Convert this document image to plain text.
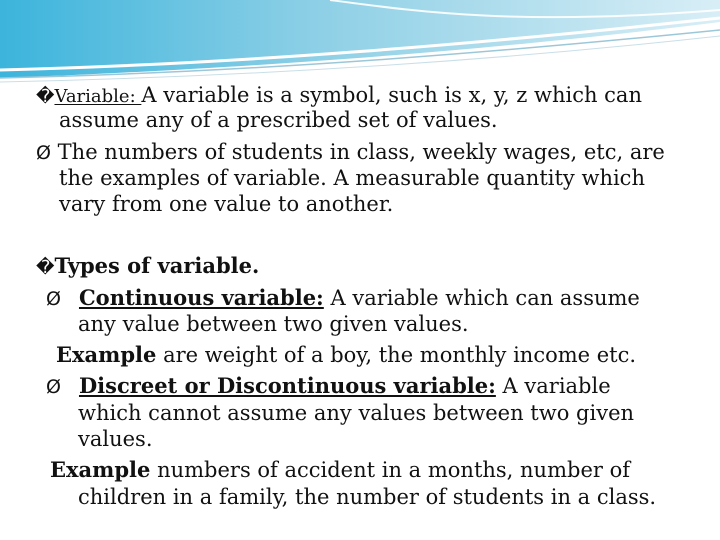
�Variable: A variable is a symbol, such is x, y, z which can
assume any of a prescribed set of values.
Ø The numbers of students in class, weekly wages, etc, are
the examples of variable. A measurable quantity which
vary from one value to another.
�Types of variable.
Ø Continuous variable: A variable which can assume
any value between two given values.
Example are weight of a boy, the monthly income etc.
Ø Discreet or Discontinuous variable: A variable
which cannot assume any values between two given
values.
Example numbers of accident in a months, number of
children in a family, the number of students in a class.
